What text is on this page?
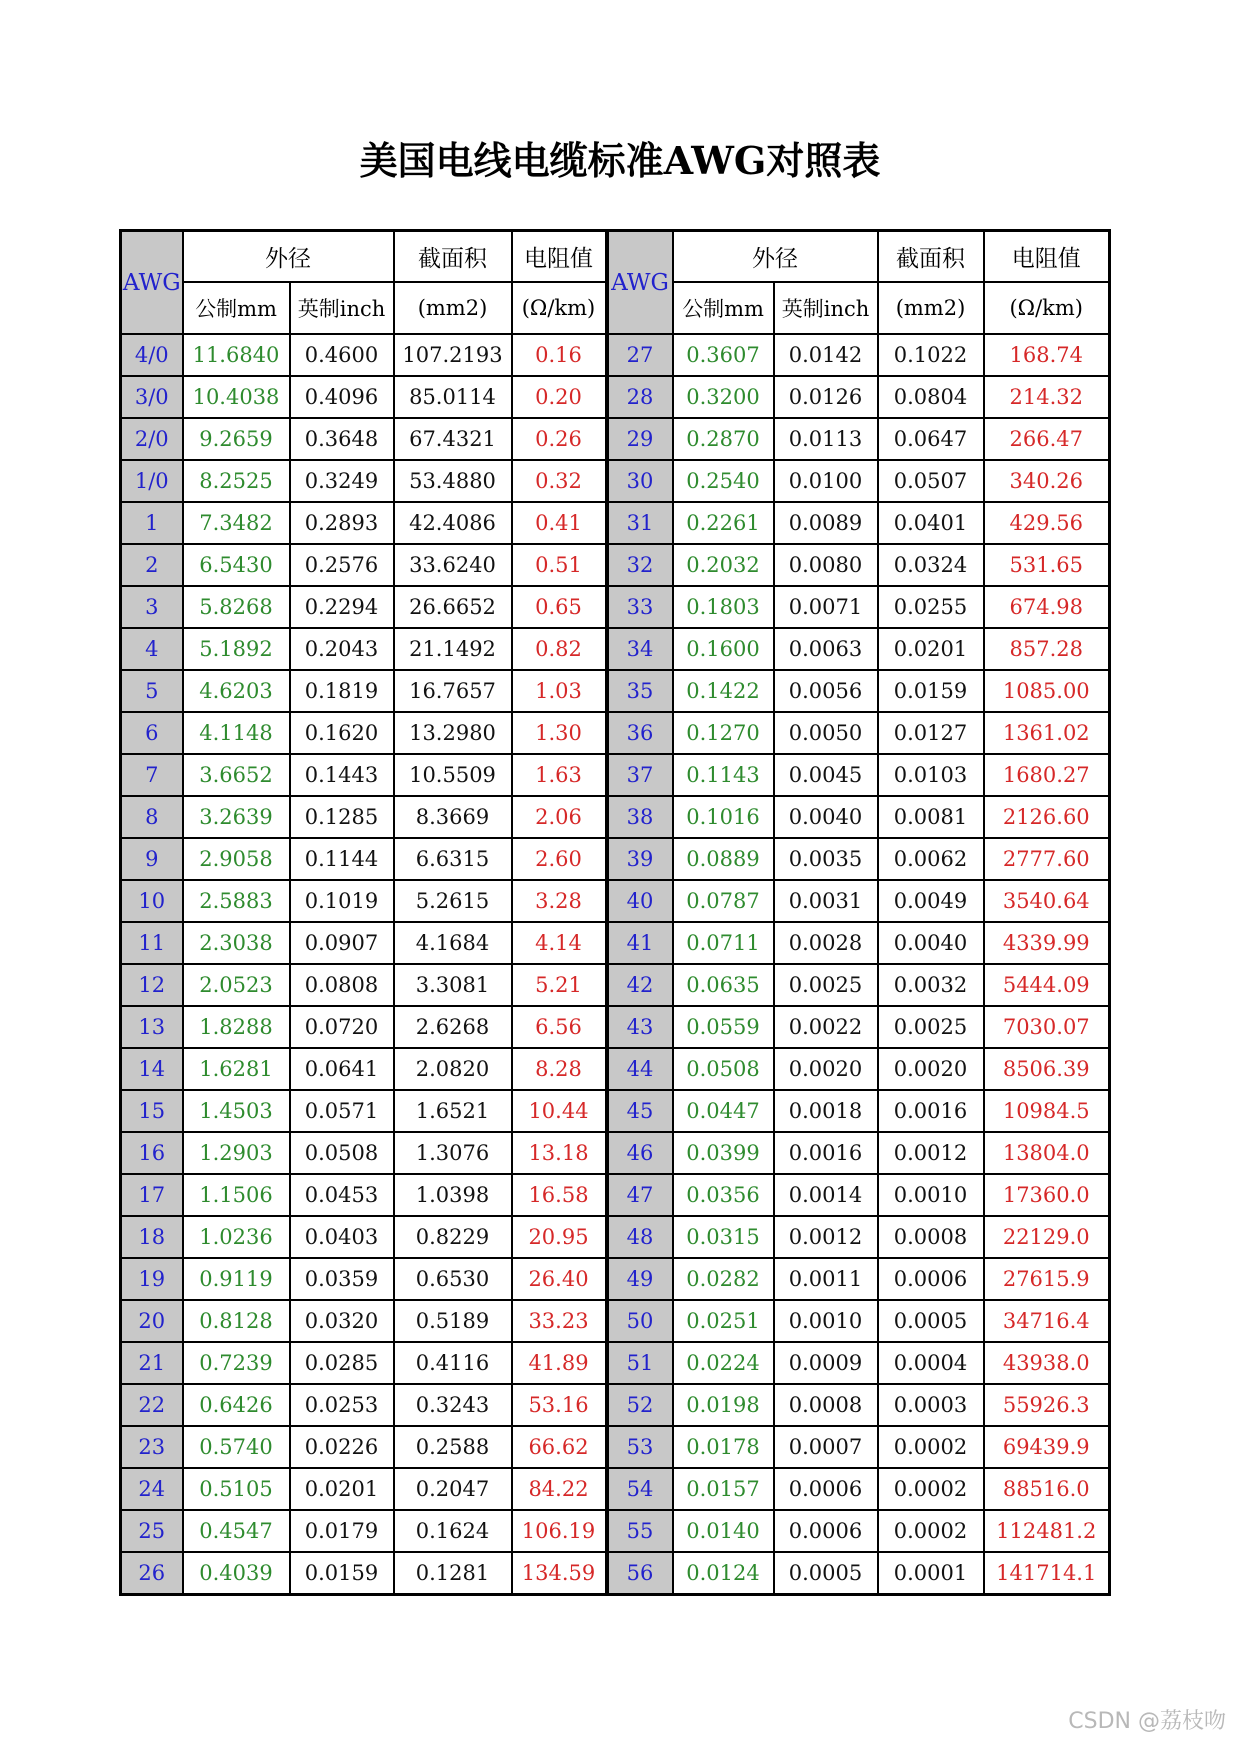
美国电线电缆标准AWG对照表
AWG	外径		截面积	电阻值	AWG	外径		截面积	电阻值
	公制mm	英制inch	(mm2)	(Ω/km)		公制mm	英制inch	(mm2)	(Ω/km)
4/0	11.6840	0.4600	107.2193	0.16	27	0.3607	0.0142	0.1022	168.74
3/0	10.4038	0.4096	85.0114	0.20	28	0.3200	0.0126	0.0804	214.32
2/0	9.2659	0.3648	67.4321	0.26	29	0.2870	0.0113	0.0647	266.47
1/0	8.2525	0.3249	53.4880	0.32	30	0.2540	0.0100	0.0507	340.26
1	7.3482	0.2893	42.4086	0.41	31	0.2261	0.0089	0.0401	429.56
2	6.5430	0.2576	33.6240	0.51	32	0.2032	0.0080	0.0324	531.65
3	5.8268	0.2294	26.6652	0.65	33	0.1803	0.0071	0.0255	674.98
4	5.1892	0.2043	21.1492	0.82	34	0.1600	0.0063	0.0201	857.28
5	4.6203	0.1819	16.7657	1.03	35	0.1422	0.0056	0.0159	1085.00
6	4.1148	0.1620	13.2980	1.30	36	0.1270	0.0050	0.0127	1361.02
7	3.6652	0.1443	10.5509	1.63	37	0.1143	0.0045	0.0103	1680.27
8	3.2639	0.1285	8.3669	2.06	38	0.1016	0.0040	0.0081	2126.60
9	2.9058	0.1144	6.6315	2.60	39	0.0889	0.0035	0.0062	2777.60
10	2.5883	0.1019	5.2615	3.28	40	0.0787	0.0031	0.0049	3540.64
11	2.3038	0.0907	4.1684	4.14	41	0.0711	0.0028	0.0040	4339.99
12	2.0523	0.0808	3.3081	5.21	42	0.0635	0.0025	0.0032	5444.09
13	1.8288	0.0720	2.6268	6.56	43	0.0559	0.0022	0.0025	7030.07
14	1.6281	0.0641	2.0820	8.28	44	0.0508	0.0020	0.0020	8506.39
15	1.4503	0.0571	1.6521	10.44	45	0.0447	0.0018	0.0016	10984.5
16	1.2903	0.0508	1.3076	13.18	46	0.0399	0.0016	0.0012	13804.0
17	1.1506	0.0453	1.0398	16.58	47	0.0356	0.0014	0.0010	17360.0
18	1.0236	0.0403	0.8229	20.95	48	0.0315	0.0012	0.0008	22129.0
19	0.9119	0.0359	0.6530	26.40	49	0.0282	0.0011	0.0006	27615.9
20	0.8128	0.0320	0.5189	33.23	50	0.0251	0.0010	0.0005	34716.4
21	0.7239	0.0285	0.4116	41.89	51	0.0224	0.0009	0.0004	43938.0
22	0.6426	0.0253	0.3243	53.16	52	0.0198	0.0008	0.0003	55926.3
23	0.5740	0.0226	0.2588	66.62	53	0.0178	0.0007	0.0002	69439.9
24	0.5105	0.0201	0.2047	84.22	54	0.0157	0.0006	0.0002	88516.0
25	0.4547	0.0179	0.1624	106.19	55	0.0140	0.0006	0.0002	112481.2
26	0.4039	0.0159	0.1281	134.59	56	0.0124	0.0005	0.0001	141714.1
CSDN @荔枝吻
